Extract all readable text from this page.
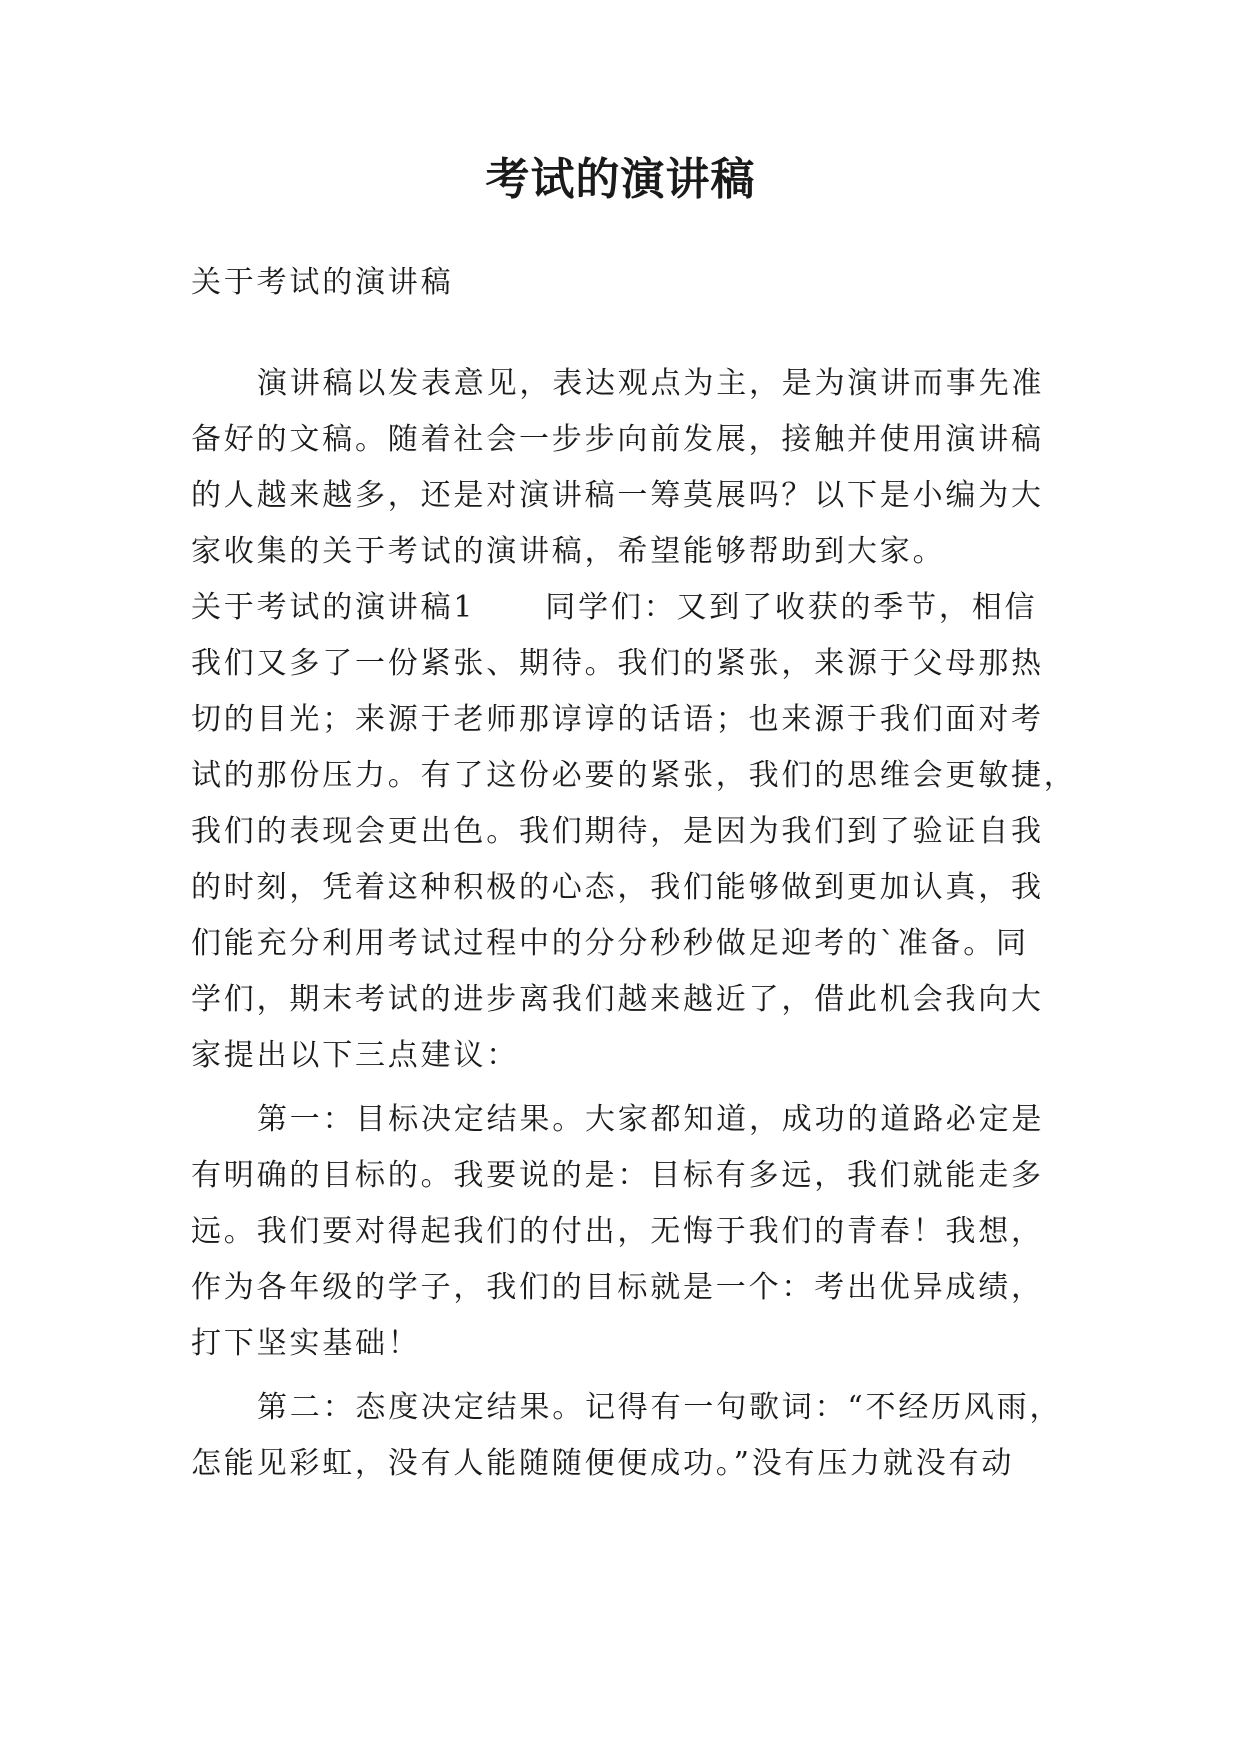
考试的演讲稿

关于考试的演讲稿

演讲稿以发表意见，表达观点为主，是为演讲而事先准

备好的文稿。随着社会一步步向前发展，接触并使用演讲稿

的人越来越多，还是对演讲稿一筹莫展吗？以下是小编为大

家收集的关于考试的演讲稿，希望能够帮助到大家。

关于考试的演讲稿1 同学们：又到了收获的季节，相信

我们又多了一份紧张、期待。我们的紧张，来源于父母那热

切的目光；来源于老师那谆谆的话语；也来源于我们面对考

试的那份压力。有了这份必要的紧张，我们的思维会更敏捷，

我们的表现会更出色。我们期待，是因为我们到了验证自我

的时刻，凭着这种积极的心态，我们能够做到更加认真，我

们能充分利用考试过程中的分分秒秒做足迎考的`准备。同

学们，期末考试的进步离我们越来越近了，借此机会我向大

家提出以下三点建议：

第一：目标决定结果。大家都知道，成功的道路必定是

有明确的目标的。我要说的是：目标有多远，我们就能走多

远。我们要对得起我们的付出，无悔于我们的青春！我想，

作为各年级的学子，我们的目标就是一个：考出优异成绩，

打下坚实基础！

第二：态度决定结果。记得有一句歌词：“不经历风雨，

怎能见彩虹，没有人能随随便便成功。”没有压力就没有动
